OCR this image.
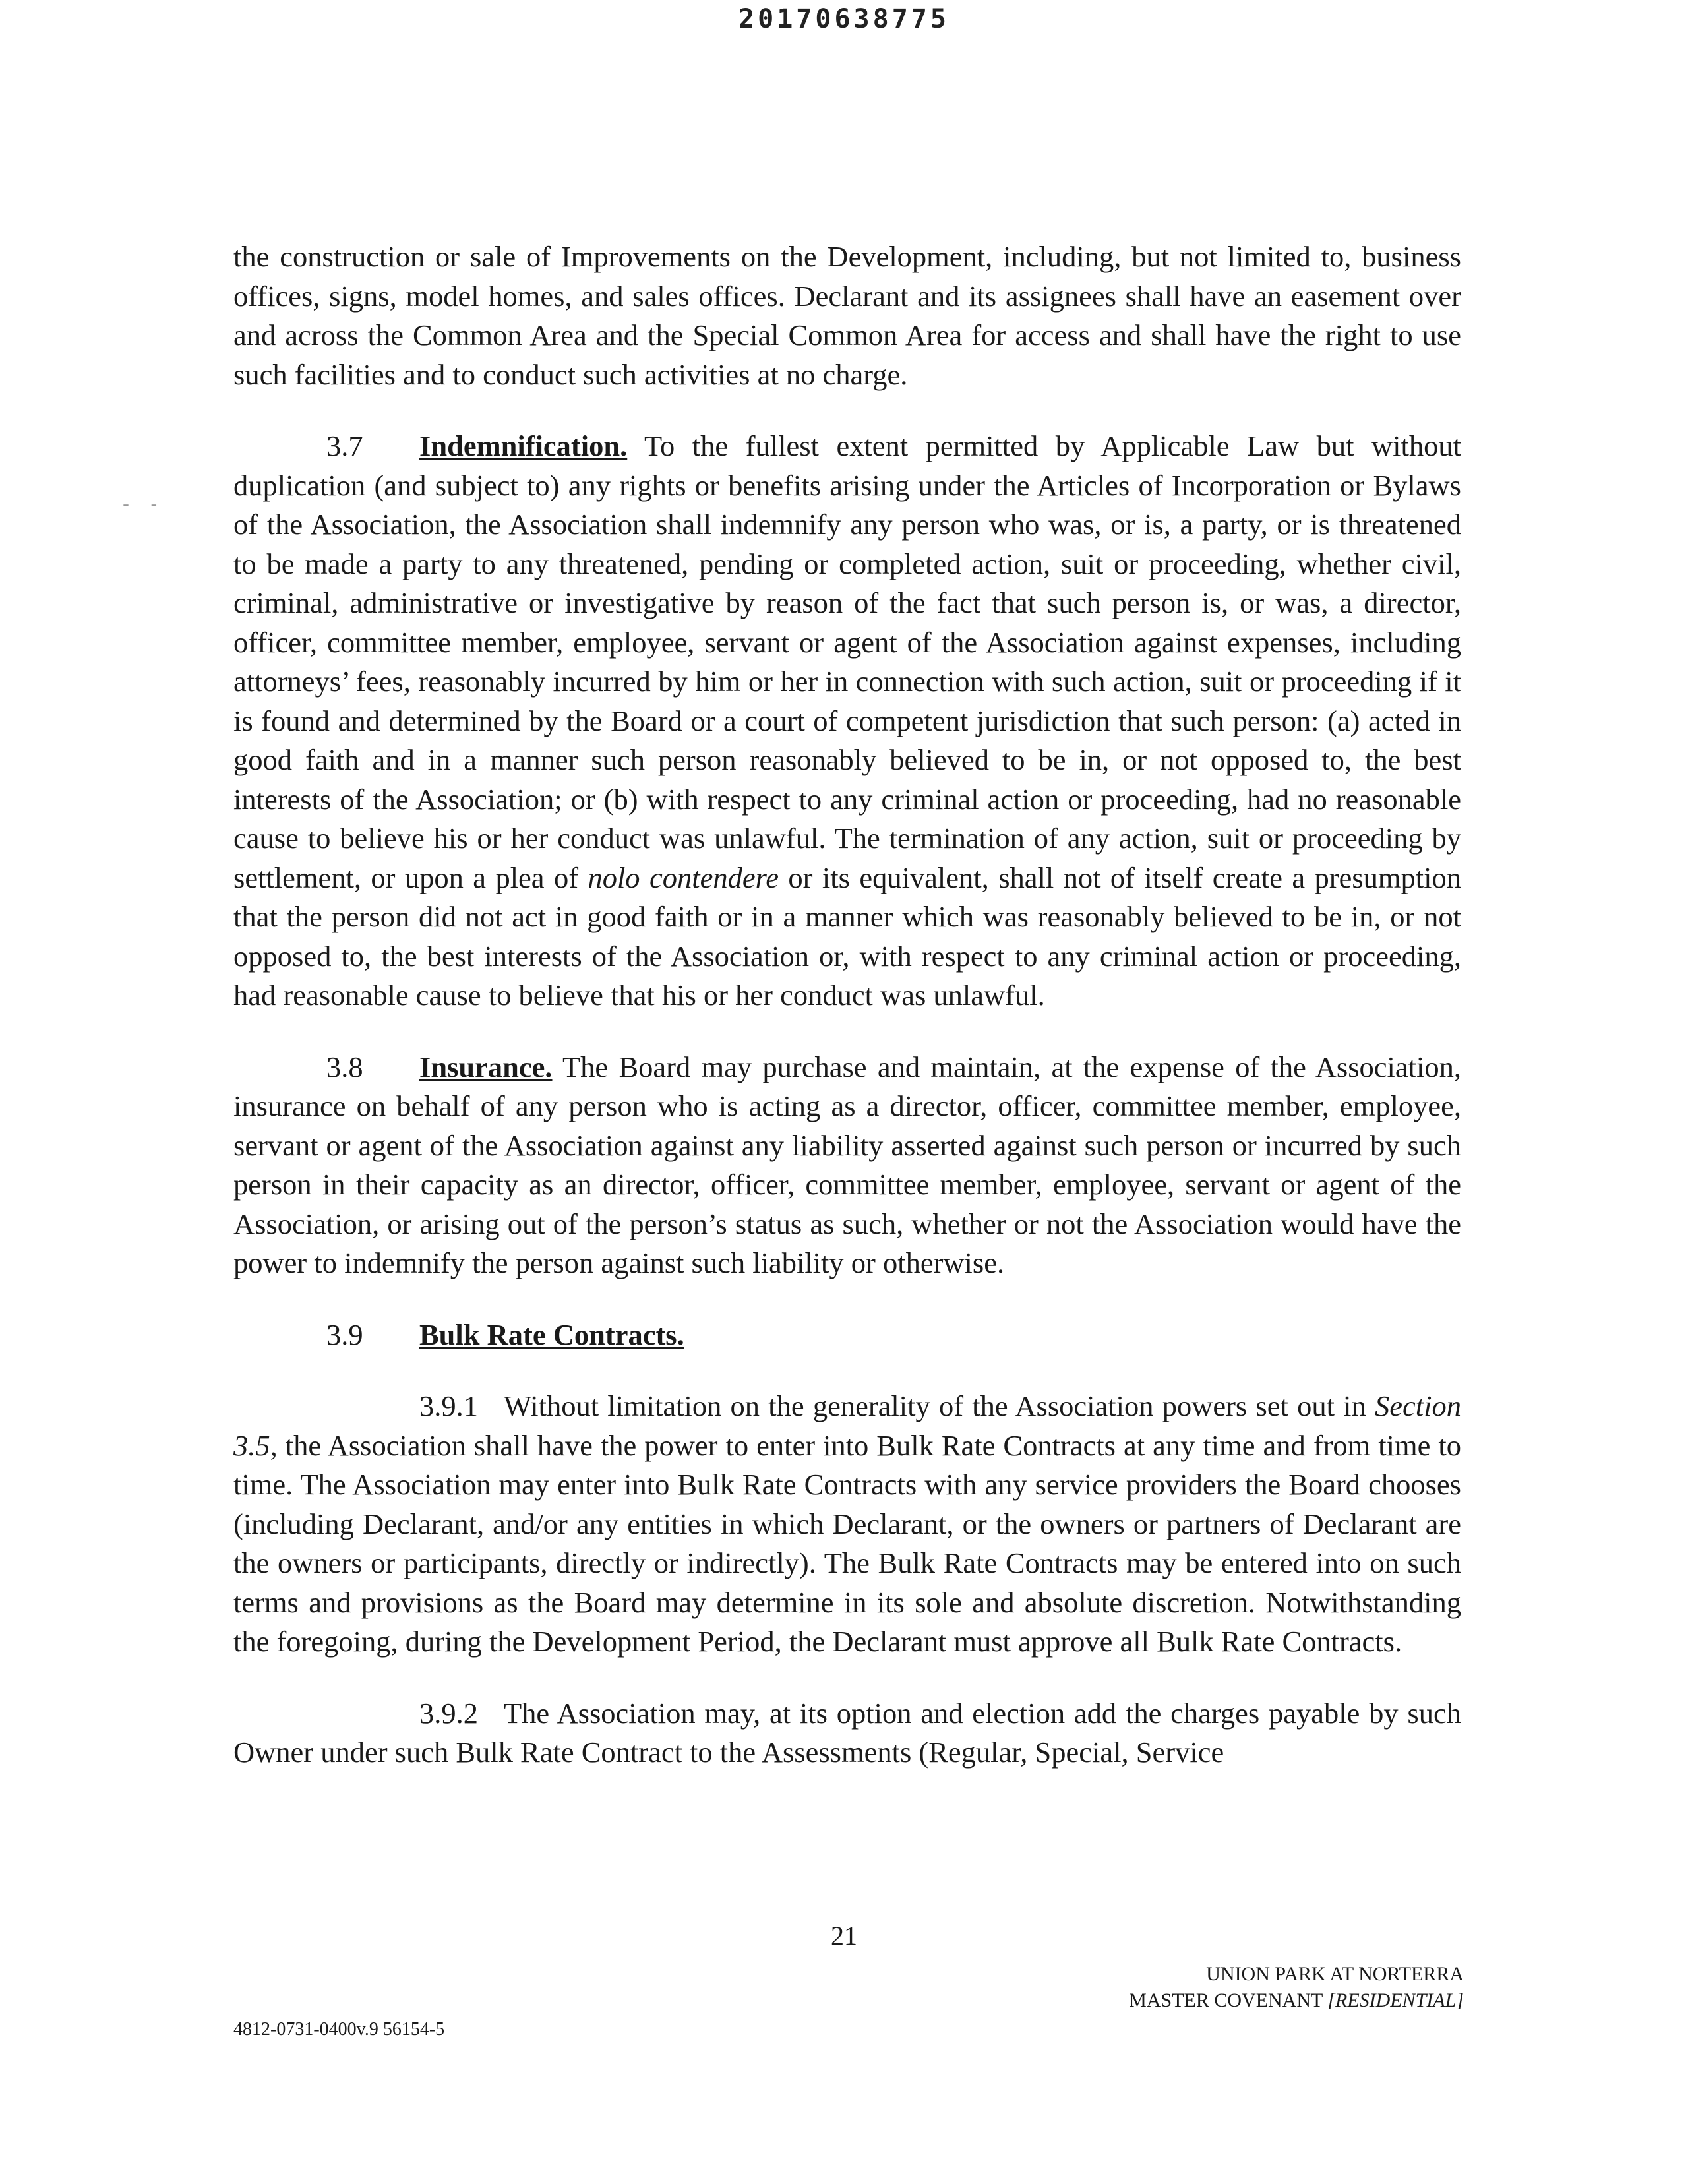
20170638775
- -

the construction or sale of Improvements on the Development, including, but not limited to, business offices, signs, model homes, and sales offices. Declarant and its assignees shall have an easement over and across the Common Area and the Special Common Area for access and shall have the right to use such facilities and to conduct such activities at no charge.

3.7 Indemnification. To the fullest extent permitted by Applicable Law but without duplication (and subject to) any rights or benefits arising under the Articles of Incorporation or Bylaws of the Association, the Association shall indemnify any person who was, or is, a party, or is threatened to be made a party to any threatened, pending or completed action, suit or proceeding, whether civil, criminal, administrative or investigative by reason of the fact that such person is, or was, a director, officer, committee member, employee, servant or agent of the Association against expenses, including attorneys’ fees, reasonably incurred by him or her in connection with such action, suit or proceeding if it is found and determined by the Board or a court of competent jurisdiction that such person: (a) acted in good faith and in a manner such person reasonably believed to be in, or not opposed to, the best interests of the Association; or (b) with respect to any criminal action or proceeding, had no reasonable cause to believe his or her conduct was unlawful. The termination of any action, suit or proceeding by settlement, or upon a plea of nolo contendere or its equivalent, shall not of itself create a presumption that the person did not act in good faith or in a manner which was reasonably believed to be in, or not opposed to, the best interests of the Association or, with respect to any criminal action or proceeding, had reasonable cause to believe that his or her conduct was unlawful.

3.8 Insurance. The Board may purchase and maintain, at the expense of the Association, insurance on behalf of any person who is acting as a director, officer, committee member, employee, servant or agent of the Association against any liability asserted against such person or incurred by such person in their capacity as an director, officer, committee member, employee, servant or agent of the Association, or arising out of the person’s status as such, whether or not the Association would have the power to indemnify the person against such liability or otherwise.

3.9 Bulk Rate Contracts.

3.9.1 Without limitation on the generality of the Association powers set out in Section 3.5, the Association shall have the power to enter into Bulk Rate Contracts at any time and from time to time. The Association may enter into Bulk Rate Contracts with any service providers the Board chooses (including Declarant, and/or any entities in which Declarant, or the owners or partners of Declarant are the owners or participants, directly or indirectly). The Bulk Rate Contracts may be entered into on such terms and provisions as the Board may determine in its sole and absolute discretion. Notwithstanding the foregoing, during the Development Period, the Declarant must approve all Bulk Rate Contracts.

3.9.2 The Association may, at its option and election add the charges payable by such Owner under such Bulk Rate Contract to the Assessments (Regular, Special, Service

21
UNION PARK AT NORTERRA
MASTER COVENANT [RESIDENTIAL]
4812-0731-0400v.9 56154-5
